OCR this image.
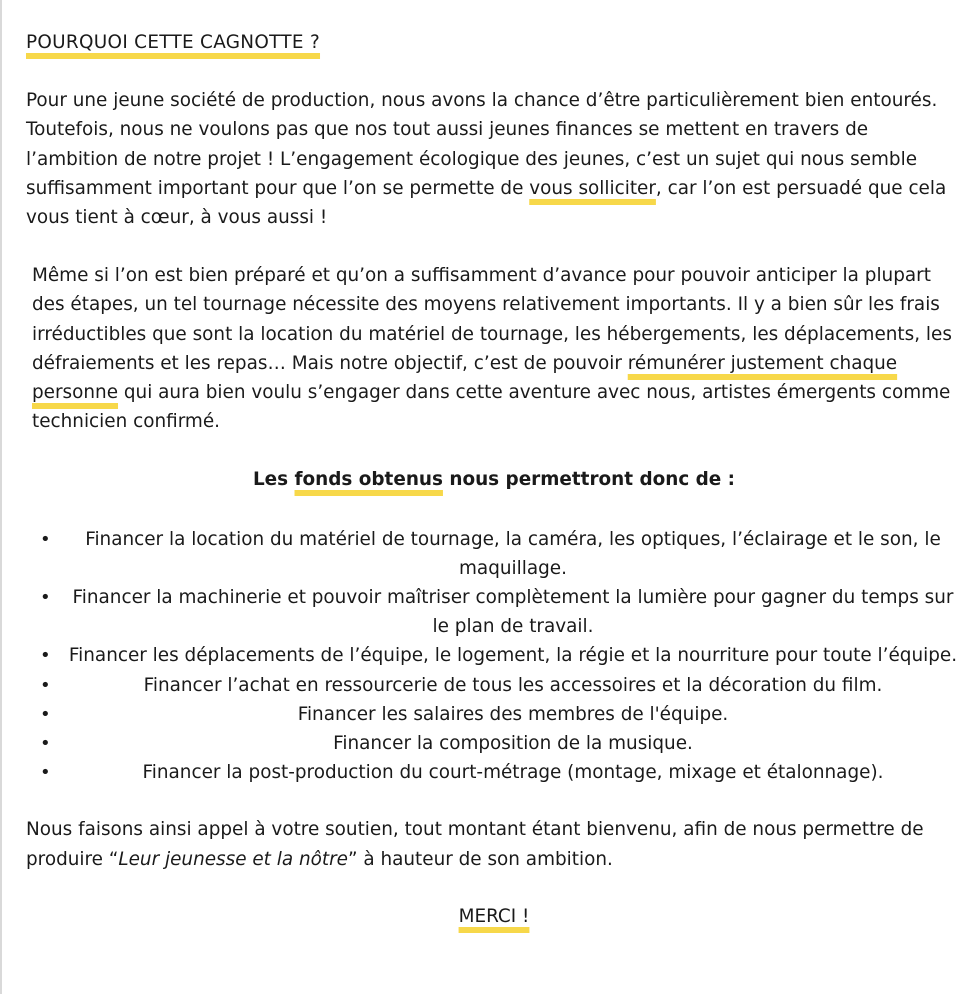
POURQUOI CETTE CAGNOTTE ?

Pour une jeune société de production, nous avons la chance d’être particulièrement bien entourés. Toutefois, nous ne voulons pas que nos tout aussi jeunes finances se mettent en travers de l’ambition de notre projet ! L’engagement écologique des jeunes, c’est un sujet qui nous semble suffisamment important pour que l’on se permette de vous solliciter, car l’on est persuadé que cela vous tient à cœur, à vous aussi !

Même si l’on est bien préparé et qu’on a suffisamment d’avance pour pouvoir anticiper la plupart des étapes, un tel tournage nécessite des moyens relativement importants. Il y a bien sûr les frais irréductibles que sont la location du matériel de tournage, les hébergements, les déplacements, les défraiements et les repas… Mais notre objectif, c’est de pouvoir rémunérer justement chaque personne qui aura bien voulu s’engager dans cette aventure avec nous, artistes émergents comme technicien confirmé.

Les fonds obtenus nous permettront donc de :

• Financer la location du matériel de tournage, la caméra, les optiques, l’éclairage et le son, le maquillage.
• Financer la machinerie et pouvoir maîtriser complètement la lumière pour gagner du temps sur le plan de travail.
• Financer les déplacements de l’équipe, le logement, la régie et la nourriture pour toute l’équipe.
•	Financer l’achat en ressourcerie de tous les accessoires et la décoration du film.
•	Financer les salaires des membres de l'équipe.
•	Financer la composition de la musique.
•	Financer la post-production du court-métrage (montage, mixage et étalonnage).

Nous faisons ainsi appel à votre soutien, tout montant étant bienvenu, afin de nous permettre de produire “Leur jeunesse et la nôtre” à hauteur de son ambition.

MERCI !
